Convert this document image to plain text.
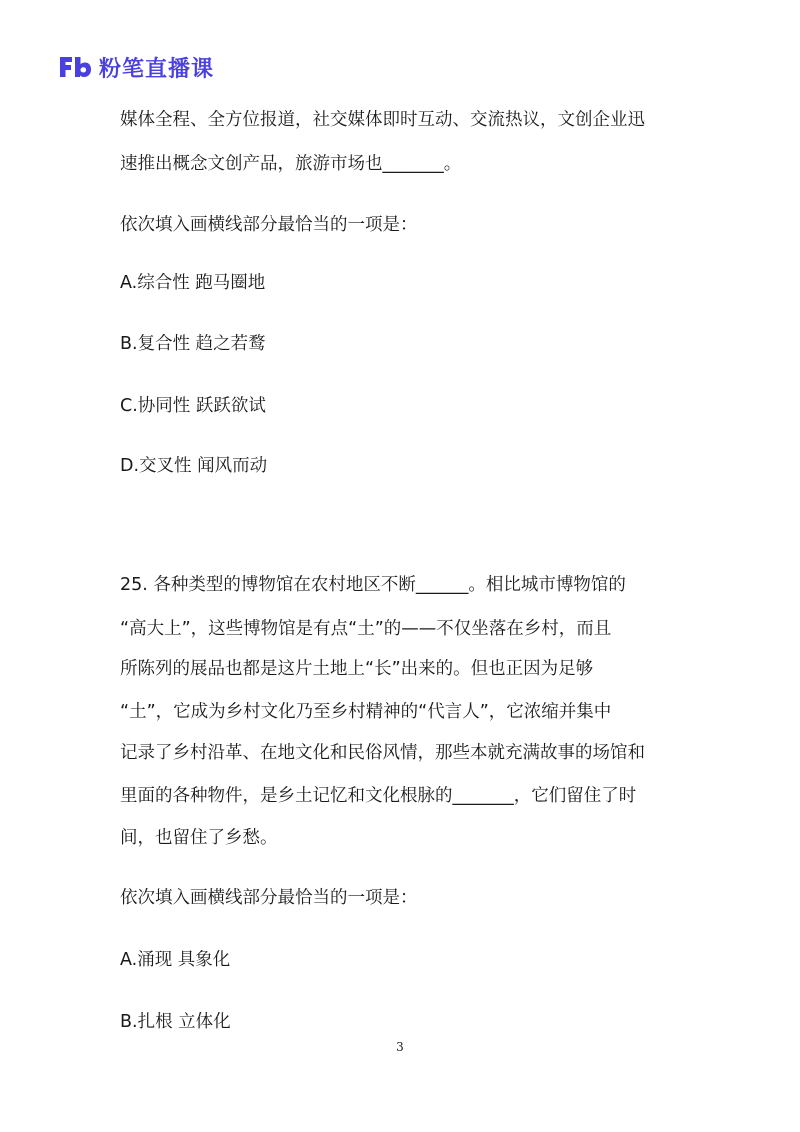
粉笔直播课
媒体全程、全方位报道，社交媒体即时互动、交流热议，文创企业迅
速推出概念文创产品，旅游市场也_______。
依次填入画横线部分最恰当的一项是：
A.综合性 跑马圈地
B.复合性 趋之若鹜
C.协同性 跃跃欲试
D.交叉性 闻风而动
25. 各种类型的博物馆在农村地区不断______。相比城市博物馆的
“高大上”，这些博物馆是有点“土”的——不仅坐落在乡村，而且
所陈列的展品也都是这片土地上“长”出来的。但也正因为足够
“土”，它成为乡村文化乃至乡村精神的“代言人”，它浓缩并集中
记录了乡村沿革、在地文化和民俗风情，那些本就充满故事的场馆和
里面的各种物件，是乡土记忆和文化根脉的_______，它们留住了时
间，也留住了乡愁。
依次填入画横线部分最恰当的一项是：
A.涌现 具象化
B.扎根 立体化
3
